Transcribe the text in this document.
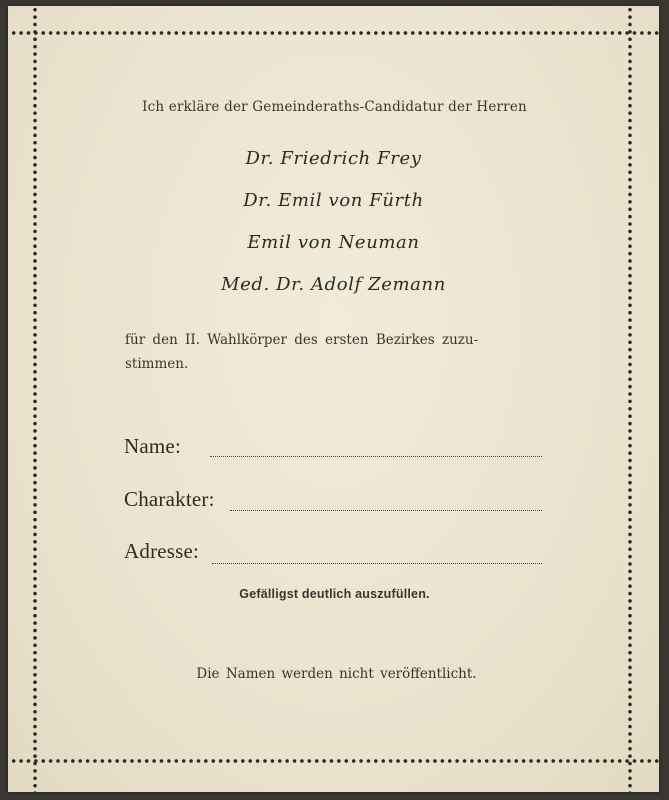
Ich erkläre der Gemeinderaths-Candidatur der Herren
Dr. Friedrich Frey
Dr. Emil von Fürth
Emil von Neuman
Med. Dr. Adolf Zemann
für den II. Wahlkörper des ersten Bezirkes zuzu-
stimmen.
Name:
Charakter:
Adresse:
Gefälligst deutlich auszufüllen.
Die Namen werden nicht veröffentlicht.
